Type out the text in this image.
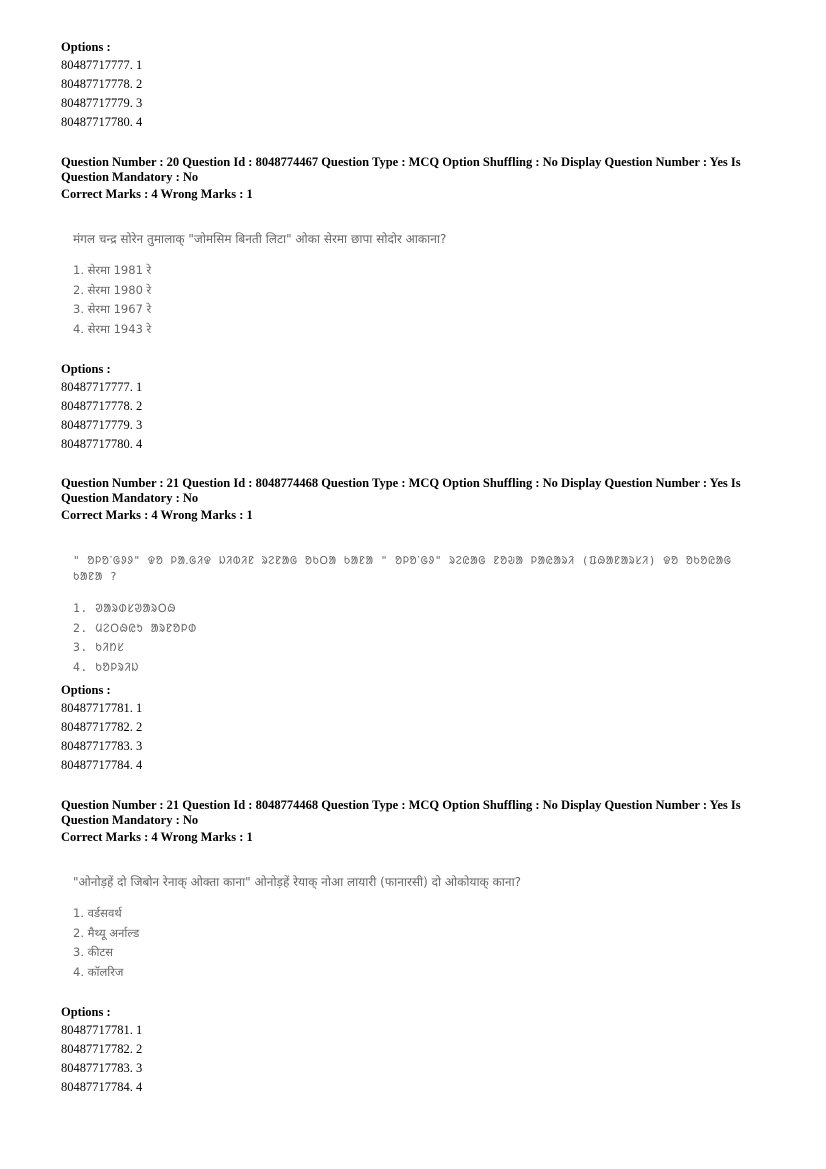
Options :
80487717777. 1
80487717778. 2
80487717779. 3
80487717780. 4
Question Number : 20 Question Id : 8048774467 Question Type : MCQ Option Shuffling : No Display Question Number : Yes Is
Question Mandatory : No
Correct Marks : 4 Wrong Marks : 1
मंगल चन्द्र सोरेन तुमालाक् "जोमसिम बिनती लिटा" ओका सेरमा छापा सोदोर आकाना?
1. सेरमा 1981 रे
2. सेरमा 1980 रे
3. सेरमा 1967 रे
4. सेरमा 1943 रे
Options :
80487717777. 1
80487717778. 2
80487717779. 3
80487717780. 4
Question Number : 21 Question Id : 8048774468 Question Type : MCQ Option Shuffling : No Display Question Number : Yes Is
Question Mandatory : No
Correct Marks : 4 Wrong Marks : 1
" ᱚᱞᱚᱸᱜᱽᱽ" ᱫᱚ ᱞᱟᱹᱜᱤᱫ ᱡᱤᱵᱤᱱ ᱨᱮᱱᱟᱜ ᱚᱠᱛᱟ ᱠᱟᱱᱟ " ᱚᱞᱚᱸᱜᱽ" ᱨᱮᱭᱟᱜ ᱱᱚᱶᱟ ᱞᱟᱭᱟᱨᱤ (ᱯᱷᱟᱱᱟᱨᱥᱤ) ᱫᱚ ᱚᱠᱚᱭᱟᱜ ᱠᱟᱱᱟ ?
1. ᱣᱟᱨᱰᱥᱣᱟᱨᱛᱷ
2. ᱢᱮᱛᱷᱭᱩ ᱟᱨᱱᱚᱞᱰ
3. ᱠᱤᱴᱥ
4. ᱠᱚᱞᱨᱤᱡ
Options :
80487717781. 1
80487717782. 2
80487717783. 3
80487717784. 4
Question Number : 21 Question Id : 8048774468 Question Type : MCQ Option Shuffling : No Display Question Number : Yes Is
Question Mandatory : No
Correct Marks : 4 Wrong Marks : 1
"ओनोड़हें दो जिबोन रेनाक् ओक्ता काना" ओनोड़हें रेयाक् नोआ लायारी (फानारसी) दो ओकोयाक् काना?
1. वर्डसवर्थ
2. मैथ्यू अर्नाल्ड
3. कीटस
4. कॉलरिज
Options :
80487717781. 1
80487717782. 2
80487717783. 3
80487717784. 4
